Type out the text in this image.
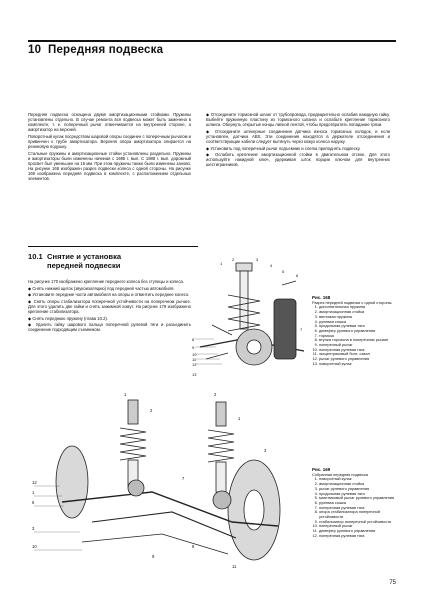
10 Передняя подвеска

Передняя подвеска оснащена двумя амортизационными стойками. Пружины установлены отдельно. В случае ремонта вся подвеска может быть заменена в комплекте, т. е. поперечный рычаг отвинчивается на внутренней стороне, а амортизатор на верхней.

Поворотный кулак посредством шаровой опоры соединен с поперечным рычагом и привинчен к трубе амортизатора. Верхняя опора амортизатора опирается на резиновую подушку.

Стальные пружины и амортизационные стойки установлены раздельно. Пружины и амортизаторы были изменены начиная с 1985 г. вып. С 1988 г. вып. дорожный просвет был уменьшен на 15 мм. При этом пружины также были изменены заново. На рисунке 168 изображен разрез подвески колеса с одной стороны. На рисунке 169 изображена передняя подвеска в комплекте, с расположением отдельных элементов.

◆ Отсоедините тормозной шланг от трубопровода, предварительно ослабив накидную гайку. Выбейте пружинную пластину из тормозного шланга и ослабьте крепление тормозного шланга. Обернуть открытые концы липкой лентой, чтобы предотвратить попадание грязи.

◆ Отсоедините штекерные соединения датчика износа тормозных колодок, и если установлен, датчика ABS. Эти соединения находятся в держателе отсоединения и соответствующие кабели следует вытянуть через кожух колеса наружу.

◆ Установить под поперечный рычаг подъемник и слегка приподнять подвеску.

◆ Ослабить крепление амортизационной стойки в двигательном отсеке. Для этого используйте накидной ключ, удерживая шток порции ключом для внутренних шестигранников.

10.1 Снятие и установка
передней подвески

На рисунке 170 изображено крепление переднего колеса без ступицы и колеса.

◆ Снять нижний щиток (звукоизоляцию) под передней частью автомобиля.

◆ Установите передние части автомобиля на опоры и отвинтить переднее колесо.

◆ Снять опоры стабилизатора поперечной устойчивости на поперечном рычаге. Для этого удалить две гайки и снять зажимной хомут. На рисунке 179 изображено крепление стабилизатора.

◆ Снять переднюю пружину (глава 10.2).

◆ Удалить гайку шарового пальца поперечной рулевой тяги и разъединить соединение подходящим съемником.

8
9
10
11
12
13
1
2	3
4
5
6
7
Рис. 168
Разрез передней подвески с одной стороны.
1. дополнительная пружина
2. амортизационная стойка
3. винтовая пружина
4. рулевая сошка
5. продольная рулевая тяга
6. демпфер рулевого управления
7. тормоза
8. втулка торсиона в поперечном рычаге
9. поперечный рычаг
10. поперечная рулевая тяга
11. эксцентриковый болт, схвал
12. рычаг рулевого управления
13. поворотный кулак
12
1
6
3
10
1
2
2
1
3
7
8
9
11
Рис. 169
Собранная передняя подвеска
1. поворотный кулак
2. амортизационная стойка
3. рычаг рулевого управления
4. продольная рулевая тяга
5. маятниковый рычаг рулевого управления
6. рулевая сошка
7. поперечная рулевая тяга
8. опора стабилизатора поперечной устойчивости
9. стабилизатор поперечной устойчивости
10. поперечный рычаг
11. демпфер рулевого управления
12. поперечная рулевая тяга
75
